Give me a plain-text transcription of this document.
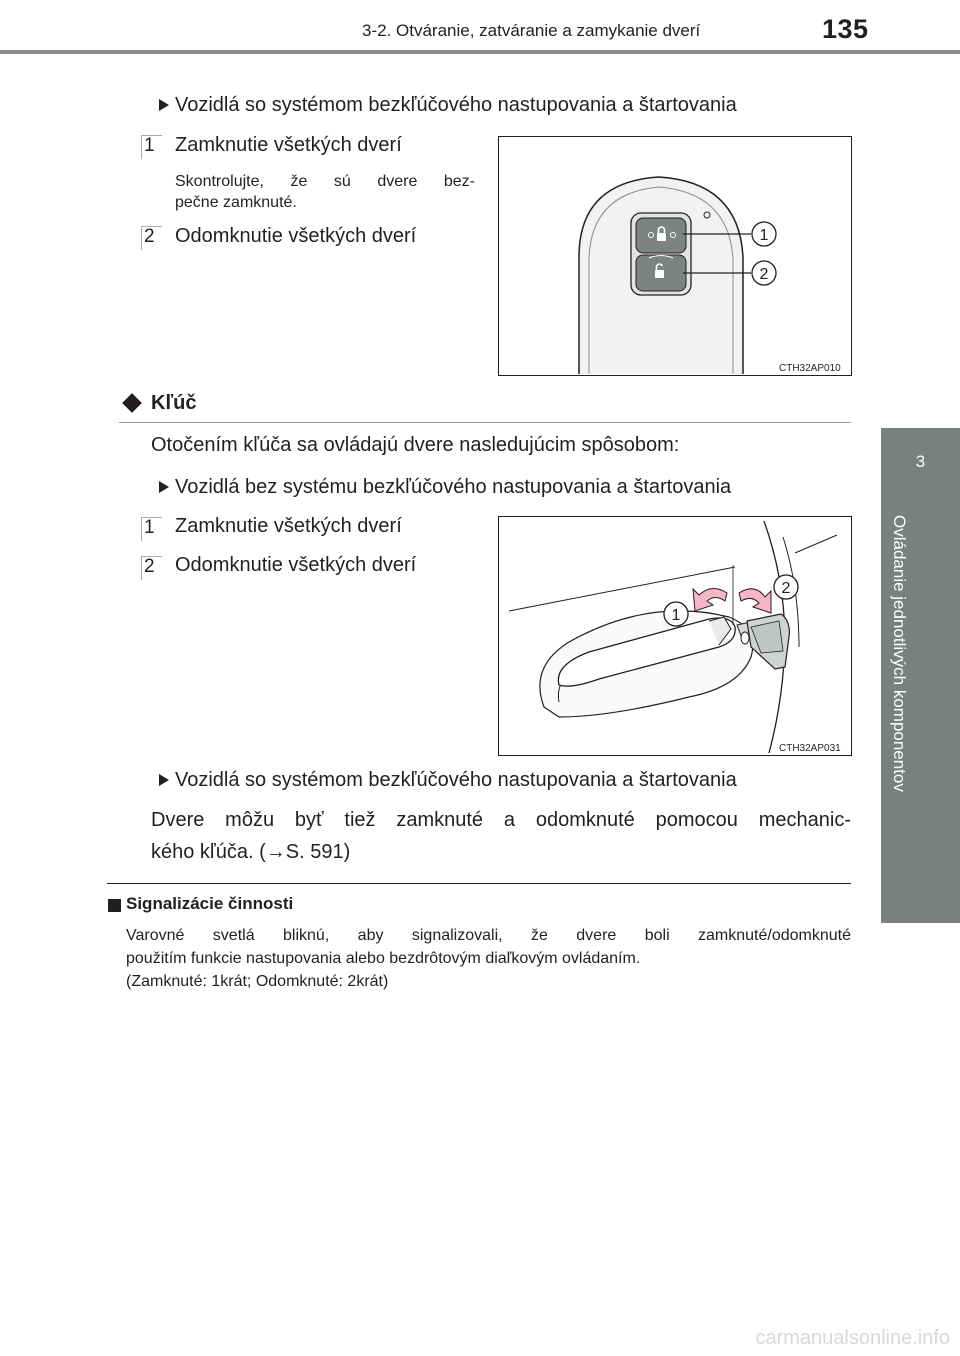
3-2. Otváranie, zatváranie a zamykanie dverí	135
3
Ovládanie jednotlivých komponentov
Vozidlá so systémom bezkľúčového nastupovania a štartovania
1 Zamknutie všetkých dverí
Skontrolujte, že sú dvere bez-
pečne zamknuté.
2 Odomknutie všetkých dverí	1
2
CTH32AP010
Kľúč
Otočením kľúča sa ovládajú dvere nasledujúcim spôsobom:
Vozidlá bez systému bezkľúčového nastupovania a štartovania
1 Zamknutie všetkých dverí
2 Odomknutie všetkých dverí
1
2
CTH32AP031
Vozidlá so systémom bezkľúčového nastupovania a štartovania
Dvere môžu byť tiež zamknuté a odomknuté pomocou mechanic-
kého kľúča. (→S. 591)
Signalizácie činnosti
Varovné svetlá bliknú, aby signalizovali, že dvere boli zamknuté/odomknuté
použitím funkcie nastupovania alebo bezdrôtovým diaľkovým ovládaním.
(Zamknuté: 1krát; Odomknuté: 2krát)
carmanualsonline.info
